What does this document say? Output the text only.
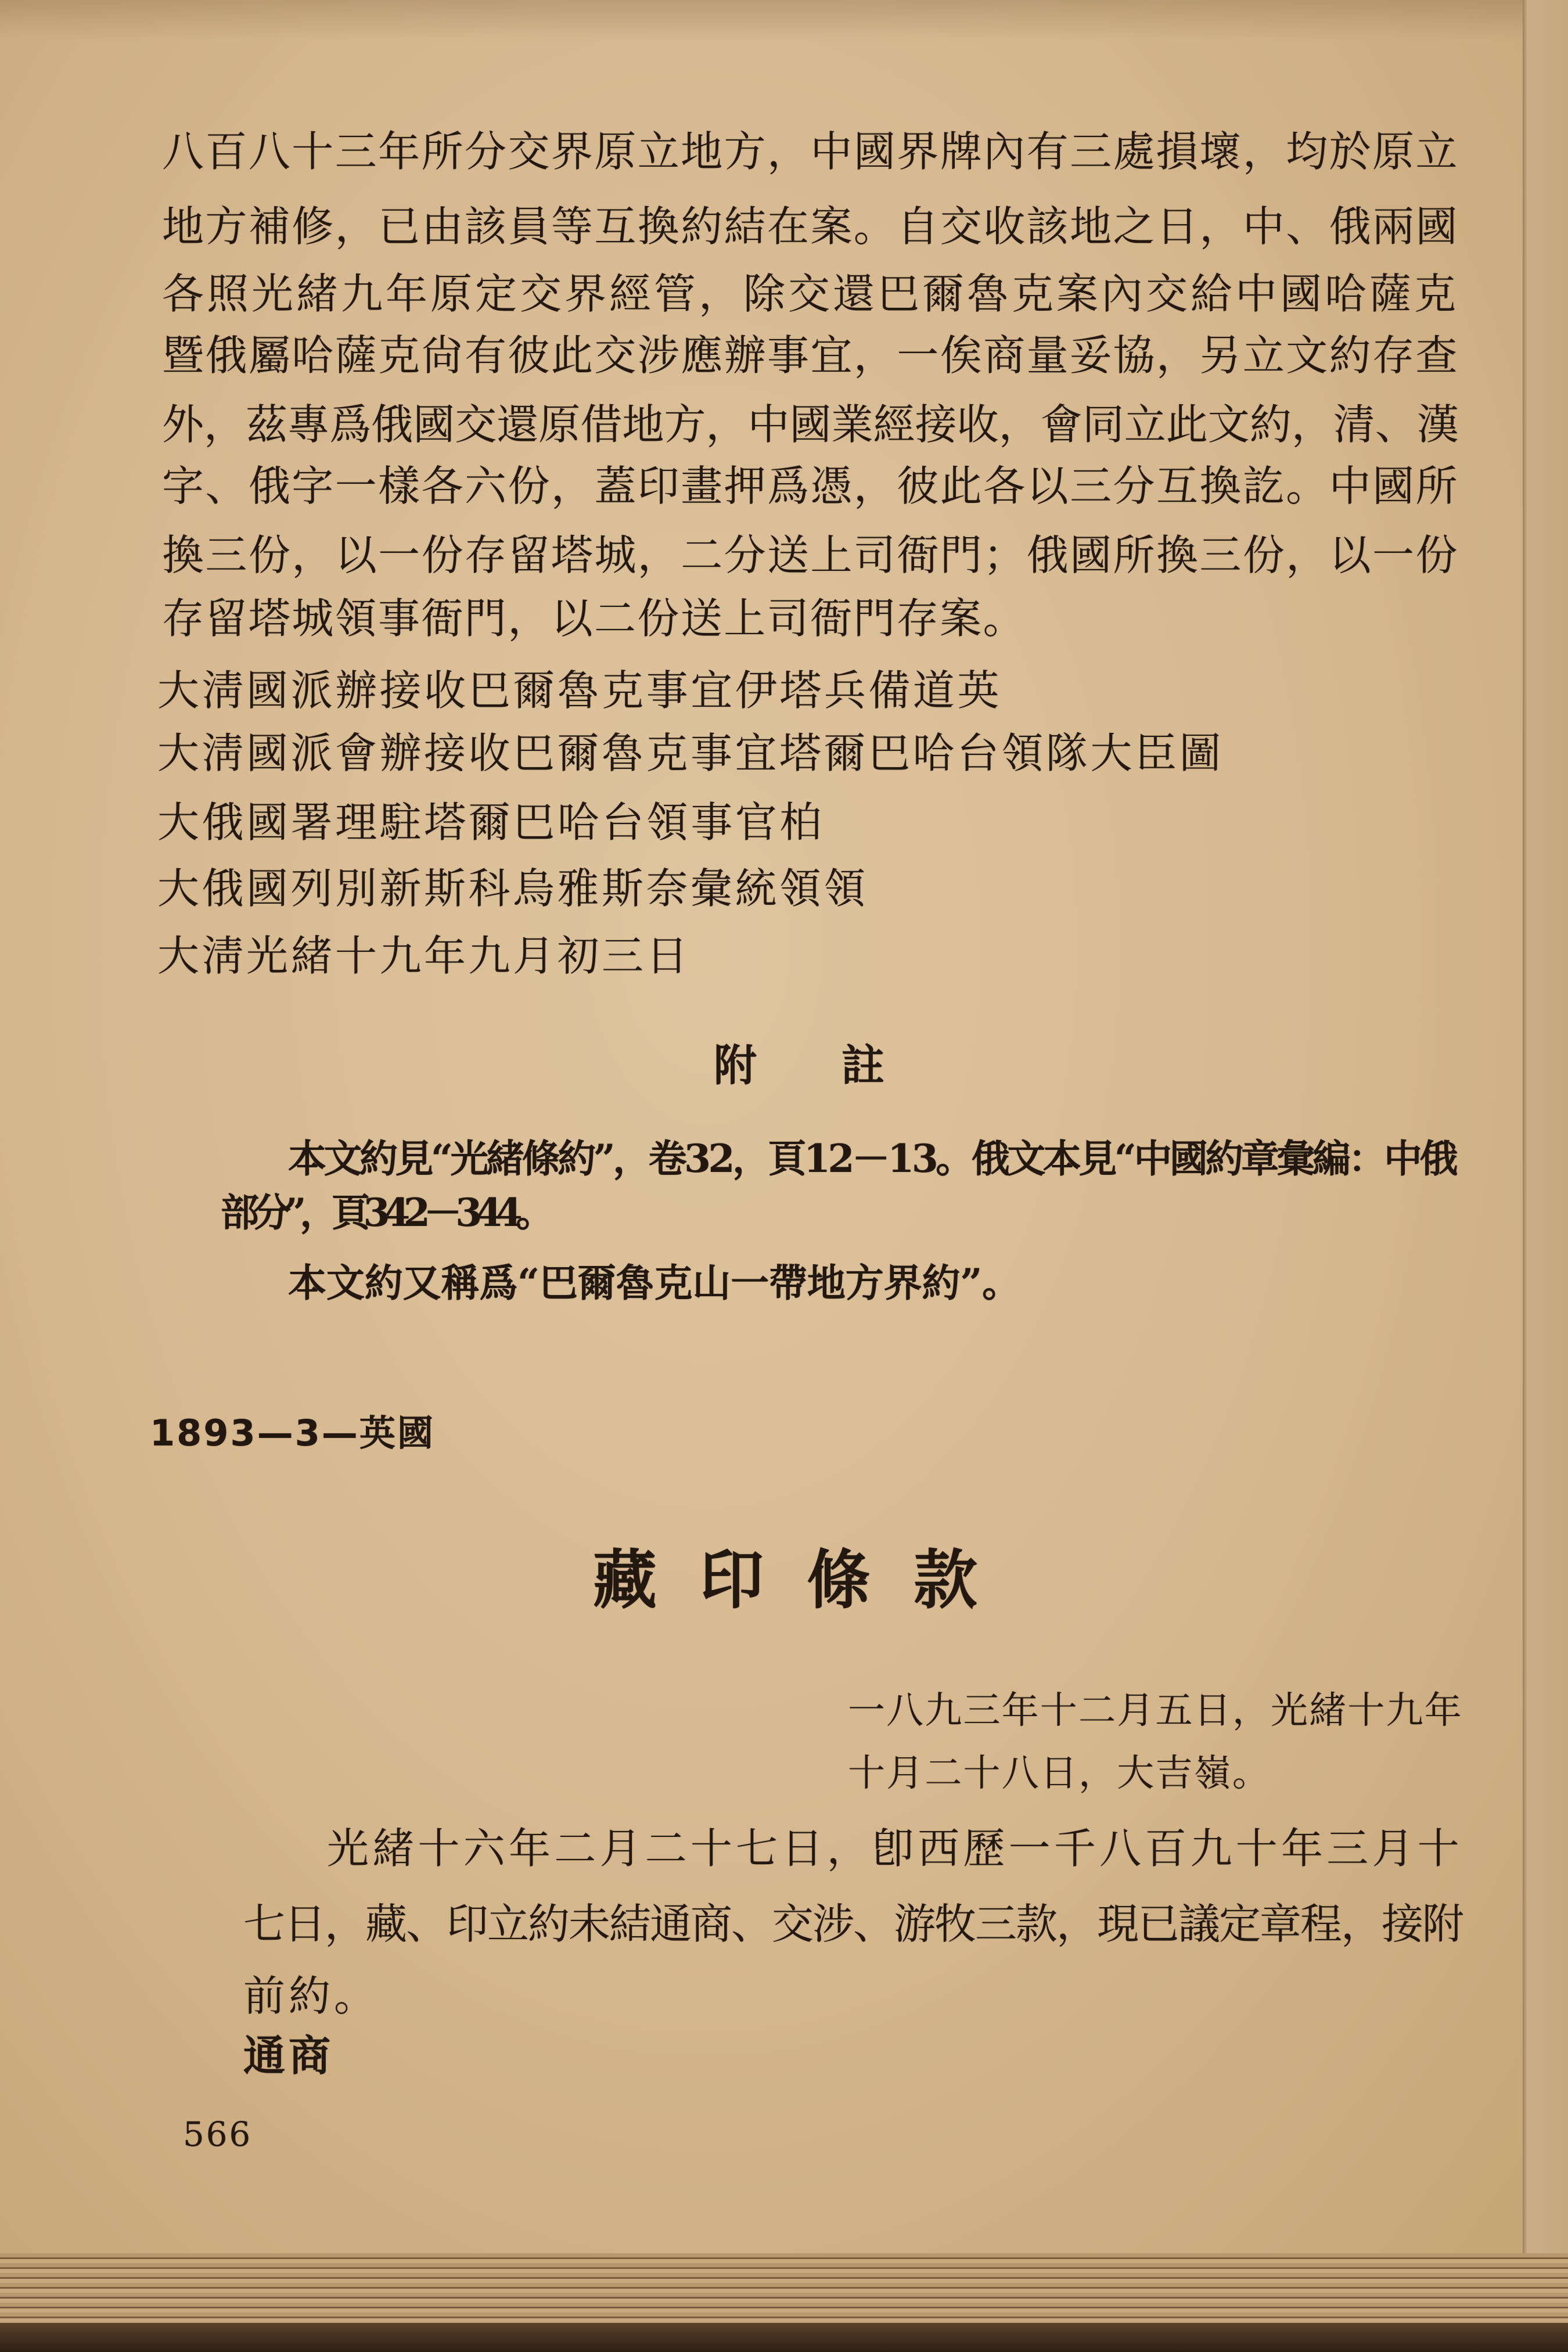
八百八十三年所分交界原立地方，中國界牌內有三處損壞，均於原立
地方補修，已由該員等互換約結在案。自交收該地之日，中、俄兩國
各照光緒九年原定交界經管，除交還巴爾魯克案內交給中國哈薩克
暨俄屬哈薩克尙有彼此交涉應辦事宜，一俟商量妥協，另立文約存查
外，茲專爲俄國交還原借地方，中國業經接收，會同立此文約，清、漢
字、俄字一樣各六份，蓋印畫押爲憑，彼此各以三分互換訖。中國所
換三份，以一份存留塔城，二分送上司衙門；俄國所換三份，以一份
存留塔城領事衙門，以二份送上司衙門存案。
大淸國派辦接收巴爾魯克事宜伊塔兵備道英
大淸國派會辦接收巴爾魯克事宜塔爾巴哈台領隊大臣圖
大俄國署理駐塔爾巴哈台領事官柏
大俄國列別新斯科烏雅斯奈彙統領領
大淸光緒十九年九月初三日
附註
本文約見“光緒條約”，卷32，頁12－13。俄文本見“中國約章彙編：中俄
部分”，頁342－344。
本文約又稱爲“巴爾魯克山一帶地方界約”。
1893—3—英國
藏印條款
一八九三年十二月五日，光緒十九年
十月二十八日，大吉嶺。
光緒十六年二月二十七日，卽西歷一千八百九十年三月十
七日，藏、印立約未結通商、交涉、游牧三款，現已議定章程，接附
前約。
通商
566
